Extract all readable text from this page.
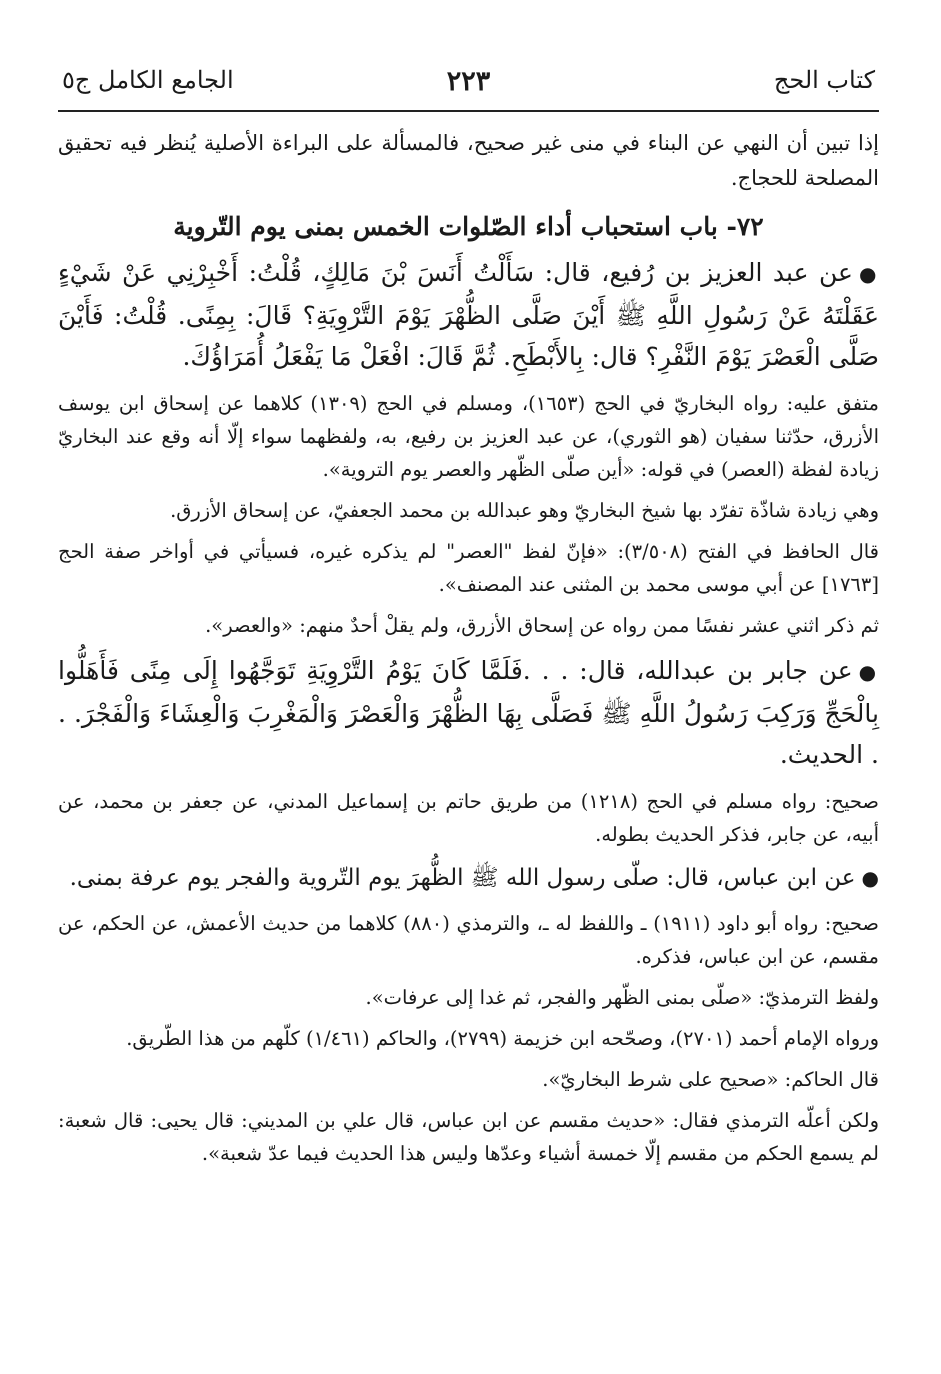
كتاب الحج
٢٢٣
الجامع الكامل ج٥

إذا تبين أن النهي عن البناء في منى غير صحيح، فالمسألة على البراءة الأصلية يُنظر فيه تحقيق المصلحة للحجاج.

٧٢- باب استحباب أداء الصّلوات الخمس بمنى يوم التّروية

●عن عبد العزيز بن رُفيع، قال: سَأَلْتُ أَنَسَ بْنَ مَالِكٍ، قُلْتُ: أَخْبِرْنِي عَنْ شَيْءٍ عَقَلْتَهُ عَنْ رَسُولِ اللَّهِ ﷺ أَيْنَ صَلَّى الظُّهْرَ يَوْمَ التَّرْوِيَةِ؟ قَالَ: بِمِنًى. قُلْتُ: فَأَيْنَ صَلَّى الْعَصْرَ يَوْمَ النَّفْرِ؟ قال: بِالأَبْطَحِ. ثُمَّ قَالَ: افْعَلْ مَا يَفْعَلُ أُمَرَاؤُكَ.

متفق عليه: رواه البخاريّ في الحج (١٦٥٣)، ومسلم في الحج (١٣٠٩) كلاهما عن إسحاق ابن يوسف الأزرق، حدّثنا سفيان (هو الثوري)، عن عبد العزيز بن رفيع، به، ولفظهما سواء إلّا أنه وقع عند البخاريّ زيادة لفظة (العصر) في قوله: «أين صلّى الظّهر والعصر يوم التروية».

وهي زيادة شاذّة تفرّد بها شيخ البخاريّ وهو عبدالله بن محمد الجعفيّ، عن إسحاق الأزرق.

قال الحافظ في الفتح (٣/٥٠٨): «فإنّ لفظ "العصر" لم يذكره غيره، فسيأتي في أواخر صفة الحج [١٧٦٣] عن أبي موسى محمد بن المثنى عند المصنف».

ثم ذكر اثني عشر نفسًا ممن رواه عن إسحاق الأزرق، ولم يقلْ أحدٌ منهم: «والعصر».

●عن جابر بن عبدالله، قال: . . .فَلَمَّا كَانَ يَوْمُ التَّرْوِيَةِ تَوَجَّهُوا إِلَى مِنًى فَأَهَلُّوا بِالْحَجِّ وَرَكِبَ رَسُولُ اللَّهِ ﷺ فَصَلَّى بِهَا الظُّهْرَ وَالْعَصْرَ وَالْمَغْرِبَ وَالْعِشَاءَ وَالْفَجْرَ. . . الحديث.

صحيح: رواه مسلم في الحج (١٢١٨) من طريق حاتم بن إسماعيل المدني، عن جعفر بن محمد، عن أبيه، عن جابر، فذكر الحديث بطوله.

●عن ابن عباس، قال: صلّى رسول الله ﷺ الظُّهرَ يوم التّروية والفجر يوم عرفة بمنى.

صحيح: رواه أبو داود (١٩١١) ـ واللفظ له ـ، والترمذي (٨٨٠) كلاهما من حديث الأعمش، عن الحكم، عن مقسم، عن ابن عباس، فذكره.

ولفظ الترمذيّ: «صلّى بمنى الظّهر والفجر، ثم غدا إلى عرفات».

ورواه الإمام أحمد (٢٧٠١)، وصحّحه ابن خزيمة (٢٧٩٩)، والحاكم (١/٤٦١) كلّهم من هذا الطّريق.

قال الحاكم: «صحيح على شرط البخاريّ».

ولكن أعلّه الترمذي فقال: «حديث مقسم عن ابن عباس، قال علي بن المديني: قال يحيى: قال شعبة: لم يسمع الحكم من مقسم إلّا خمسة أشياء وعدّها وليس هذا الحديث فيما عدّ شعبة».
